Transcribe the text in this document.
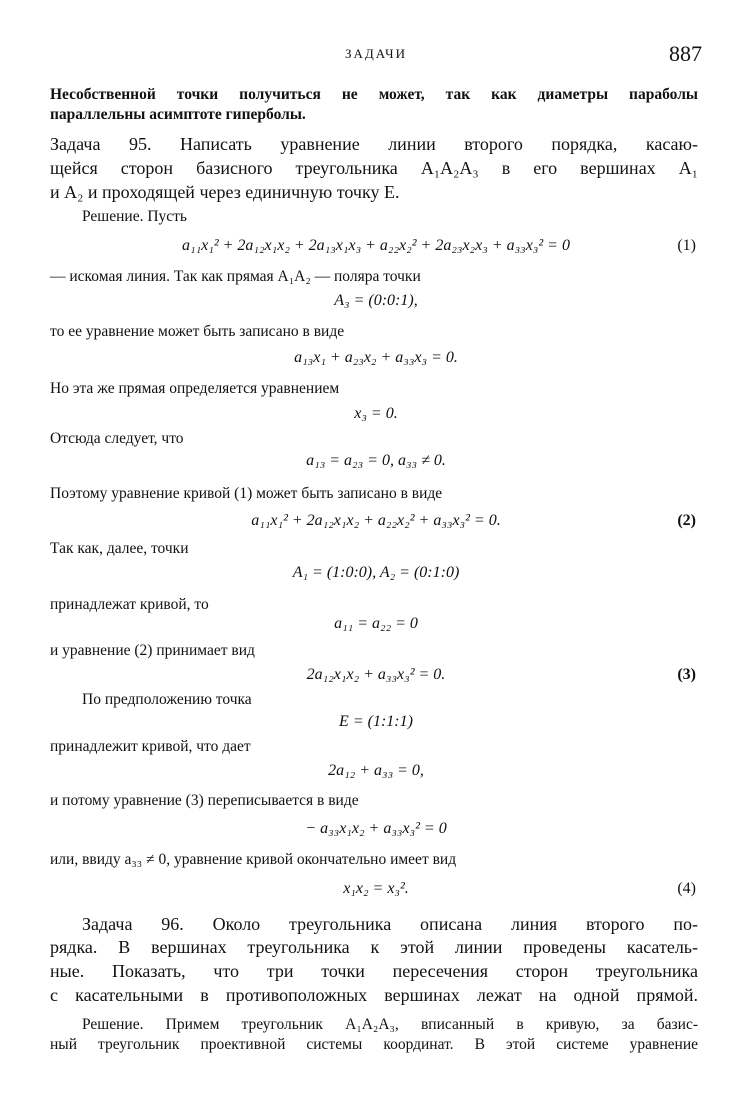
ЗАДАЧИ	887
Несобственной точки получиться не может, так как диаметры параболы
параллельны асимптоте гиперболы.
Задача 95. Написать уравнение линии второго порядка, касаю-
щейся сторон базисного треугольника A₁A₂A₃ в его вершинах A₁
и A₂ и проходящей через единичную точку E.
Решение. Пусть
a₁₁x₁² + 2a₁₂x₁x₂ + 2a₁₃x₁x₃ + a₂₂x₂² + 2a₂₃x₂x₃ + a₃₃x₃² = 0	(1)
— искомая линия. Так как прямая A₁A₂ — поляра точки
A₃ = (0:0:1),
то ее уравнение может быть записано в виде
a₁₃x₁ + a₂₃x₂ + a₃₃x₃ = 0.
Но эта же прямая определяется уравнением
x₃ = 0.
Отсюда следует, что
a₁₃ = a₂₃ = 0, a₃₃ ≠ 0.
Поэтому уравнение кривой (1) может быть записано в виде
a₁₁x₁² + 2a₁₂x₁x₂ + a₂₂x₂² + a₃₃x₃² = 0.	(2)
Так как, далее, точки
A₁ = (1:0:0), A₂ = (0:1:0)
принадлежат кривой, то
a₁₁ = a₂₂ = 0
и уравнение (2) принимает вид
2a₁₂x₁x₂ + a₃₃x₃² = 0.	(3)
По предположению точка
E = (1:1:1)
принадлежит кривой, что дает
2a₁₂ + a₃₃ = 0,
и потому уравнение (3) переписывается в виде
− a₃₃x₁x₂ + a₃₃x₃² = 0
или, ввиду a₃₃ ≠ 0, уравнение кривой окончательно имеет вид
x₁x₂ = x₃².	(4)
Задача 96. Около треугольника описана линия второго по-
рядка. В вершинах треугольника к этой линии проведены касатель-
ные. Показать, что три точки пересечения сторон треугольника
с касательными в противоположных вершинах лежат на одной прямой.
Решение. Примем треугольник A₁A₂A₃, вписанный в кривую, за базис-
ный треугольник проективной системы координат. В этой системе уравнение
